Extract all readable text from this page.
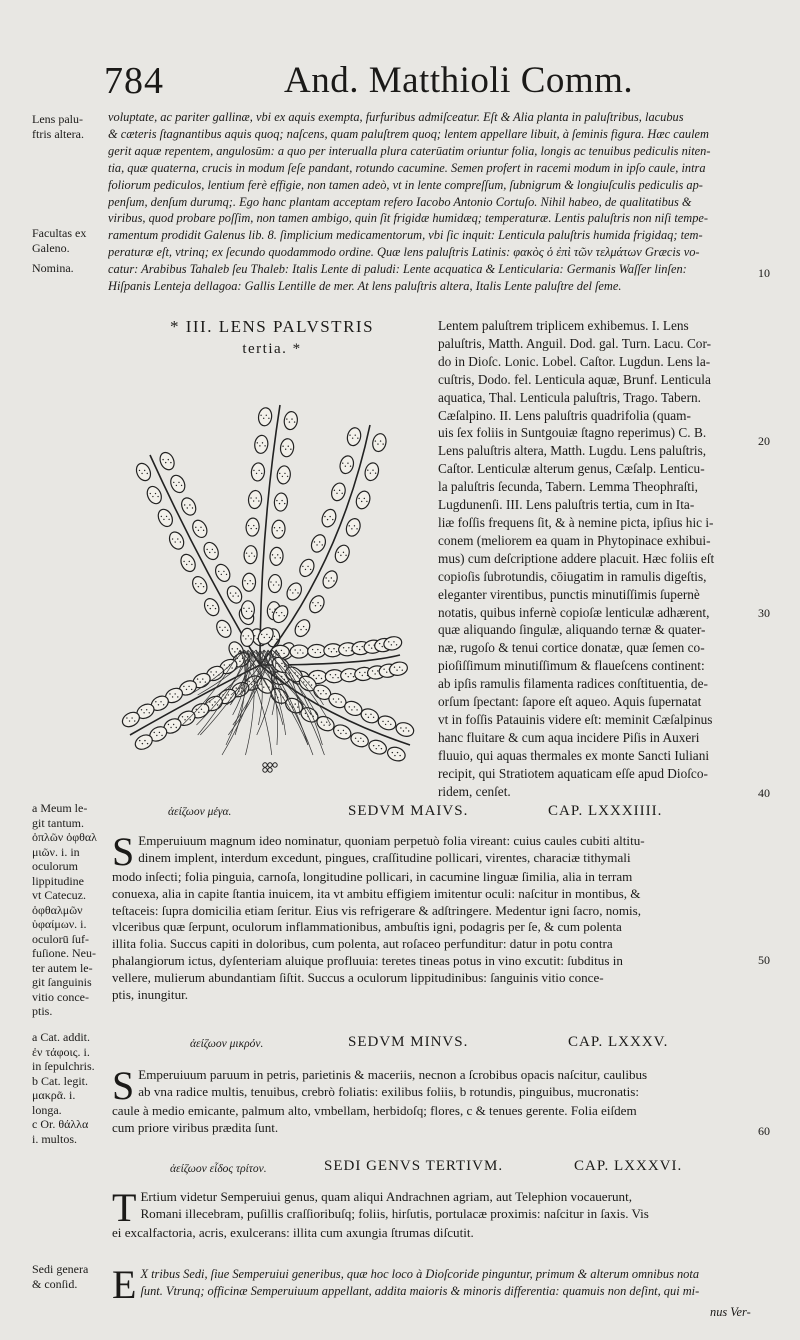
784	And. Matthioli Comm.
Lens palu-
ftris altera.
Facultas ex
Galeno.
Nomina.
voluptate, ac pariter gallinæ, vbi ex aquis exempta, furfuribus admiſceatur. Eſt & Alia planta in paluſtribus, lacubus
& cæteris ſtagnantibus aquis quoq; naſcens, quam paluſtrem quoq; lentem appellare libuit, à ſeminis figura. Hæc caulem
gerit aquæ repentem, angulosūm: a quo per interualla plura caterūatim oriuntur folia, longis ac tenuibus pediculis niten-
tia, quæ quaterna, crucis in modum ſeſe pandant, rotundo cacumine. Semen profert in racemi modum in ipſo caule, intra
foliorum pediculos, lentium ferè effigie, non tamen adeò, vt in lente compreſſum, ſubnigrum & longiuſculis pediculis ap-
penſum, denſum durumq;. Ego hanc plantam acceptam refero Iacobo Antonio Cortuſo. Nihil habeo, de qualitatibus &
viribus, quod probare poſſim, non tamen ambigo, quin ſit frigidæ humidæq; temperaturæ. Lentis paluſtris non niſi tempe-
ramentum prodidit Galenus lib. 8. ſimplicium medicamentorum, vbi ſic inquit: Lenticula paluſtris humida frigidaq; tem-
peraturæ eſt, vtrinq; ex ſecundo quodammodo ordine. Quæ lens paluſtris Latinis: φακὸς ὁ ἐπὶ τῶν τελμάτων Græcis vo-
catur: Arabibus Tahaleb ſeu Thaleb: Italis Lente di paludi: Lente acquatica & Lenticularia: Germanis Waſſer linſen:
Hiſpanis Lenteja dellagoa: Gallis Lentille de mer. At lens paluſtris altera, Italis Lente paluſtre del ſeme.
10
20
30
40
50
60
* III. LENS PALVSTRIS
tertia. *
Lentem paluſtrem triplicem exhibemus. I. Lens
paluſtris, Matth. Anguil. Dod. gal. Turn. Lacu. Cor-
do in Dioſc. Lonic. Lobel. Caſtor. Lugdun. Lens la-
cuſtris, Dodo. fel. Lenticula aquæ, Brunf. Lenticula
aquatica, Thal. Lenticula paluſtris, Trago. Tabern.
Cæſalpino. II. Lens paluſtris quadrifolia (quam-
uis ſex foliis in Suntgouiæ ſtagno reperimus) C. B.
Lens paluſtris altera, Matth. Lugdu. Lens paluſtris,
Caſtor. Lenticulæ alterum genus, Cæſalp. Lenticu-
la paluſtris ſecunda, Tabern. Lemma Theophraſti,
Lugdunenſi. III. Lens paluſtris tertia, cum in Ita-
liæ foſſis frequens ſit, & à nemine picta, ipſius hic i-
conem (meliorem ea quam in Phytopinace exhibui-
mus) cum deſcriptione addere placuit. Hæc foliis eſt
copioſis ſubrotundis, cōiugatim in ramulis digeſtis,
eleganter virentibus, punctis minutiſſimis ſupernè
notatis, quibus infernè copioſæ lenticulæ adhærent,
quæ aliquando ſingulæ, aliquando ternæ & quater-
næ, rugoſo & tenui cortice donatæ, quæ ſemen co-
pioſiſſimum minutiſſimum & flaueſcens continent:
ab ipſis ramulis filamenta radices conſtituentia, de-
orſum ſpectant: ſapore eſt aqueo. Aquis ſupernatat
vt in foſſis Patauinis videre eſt: meminit Cæſalpinus
hanc fluitare & cum aqua incidere Piſis in Auxeri
fluuio, qui aquas thermales ex monte Sancti Iuliani
recipit, qui Stratiotem aquaticam eſſe apud Dioſco-
ridem, cenſet.
a Meum le-
git tantum.
ὀπλῶν ὀφθαλ
μιῶν. i. in
oculorum
lippitudine
vt Catecuz.
ὀφθαλμῶν
ὑφαίμων. i.
oculorū ſuf-
fuſione. Neu-
ter autem le-
git ſanguinis
vitio conce-
ptis.
a Cat. addit.
ἐν τάφοις. i.
in ſepulchris.
b Cat. legit.
μακρᾶ. i.
longa.
c Or. θάλλα
i. multos.
Sedi genera
& conſid.
ἀείζωον μέγα.	SEDVM MAIVS.	CAP. LXXXIIII.
S Emperuiuum magnum ideo nominatur, quoniam perpetuò folia vireant: cuius caules cubiti altitu-
dinem implent, interdum excedunt, pingues, craſſitudine pollicari, virentes, characiæ tithymali
modo inſecti; folia pinguia, carnoſa, longitudine pollicari, in cacumine linguæ ſimilia, alia in terram
conuexa, alia in capite ſtantia inuicem, ita vt ambitu effigiem imitentur oculi: naſcitur in montibus, &
teſtaceis: ſupra domicilia etiam ſeritur. Eius vis refrigerare & adſtringere. Medentur igni ſacro, nomis,
vlceribus quæ ſerpunt, oculorum inflammationibus, ambuſtis igni, podagris per ſe, & cum polenta
illita folia. Succus capiti in doloribus, cum polenta, aut roſaceo perfunditur: datur in potu contra
phalangiorum ictus, dyſenteriam aluique profluuia: teretes tineas potus in vino excutit: ſubditus in
vellere, mulierum abundantiam ſiſtit. Succus a oculorum lippitudinibus: ſanguinis vitio conce-
ptis, inungitur.
ἀείζωον μικρόν.	SEDVM MINVS.	CAP. LXXXV.
S Emperuiuum paruum in petris, parietinis & maceriis, necnon a ſcrobibus opacis naſcitur, caulibus
ab vna radice multis, tenuibus, crebrò foliatis: exilibus foliis, b rotundis, pinguibus, mucronatis:
caule à medio emicante, palmum alto, vmbellam, herbidoſq; flores, c & tenues gerente. Folia eiſdem
cum priore viribus prædita ſunt.
ἀείζωον εἶδος τρίτον.	SEDI GENVS TERTIVM.	CAP. LXXXVI.
T Ertium videtur Semperuiui genus, quam aliqui Andrachnen agriam, aut Telephion vocauerunt,
Romani illecebram, puſillis craſſioribuſq; foliis, hirſutis, portulacæ proximis: naſcitur in ſaxis. Vis
ei excalfactoria, acris, exulcerans: illita cum axungia ſtrumas diſcutit.
E X tribus Sedi, ſiue Semperuiui generibus, quæ hoc loco à Dioſcoride pinguntur, primum & alterum omnibus nota
ſunt. Vtrunq; officinæ Semperuiuum appellant, addita maioris & minoris differentia: quamuis non deſint, qui mi-
nus Ver-
